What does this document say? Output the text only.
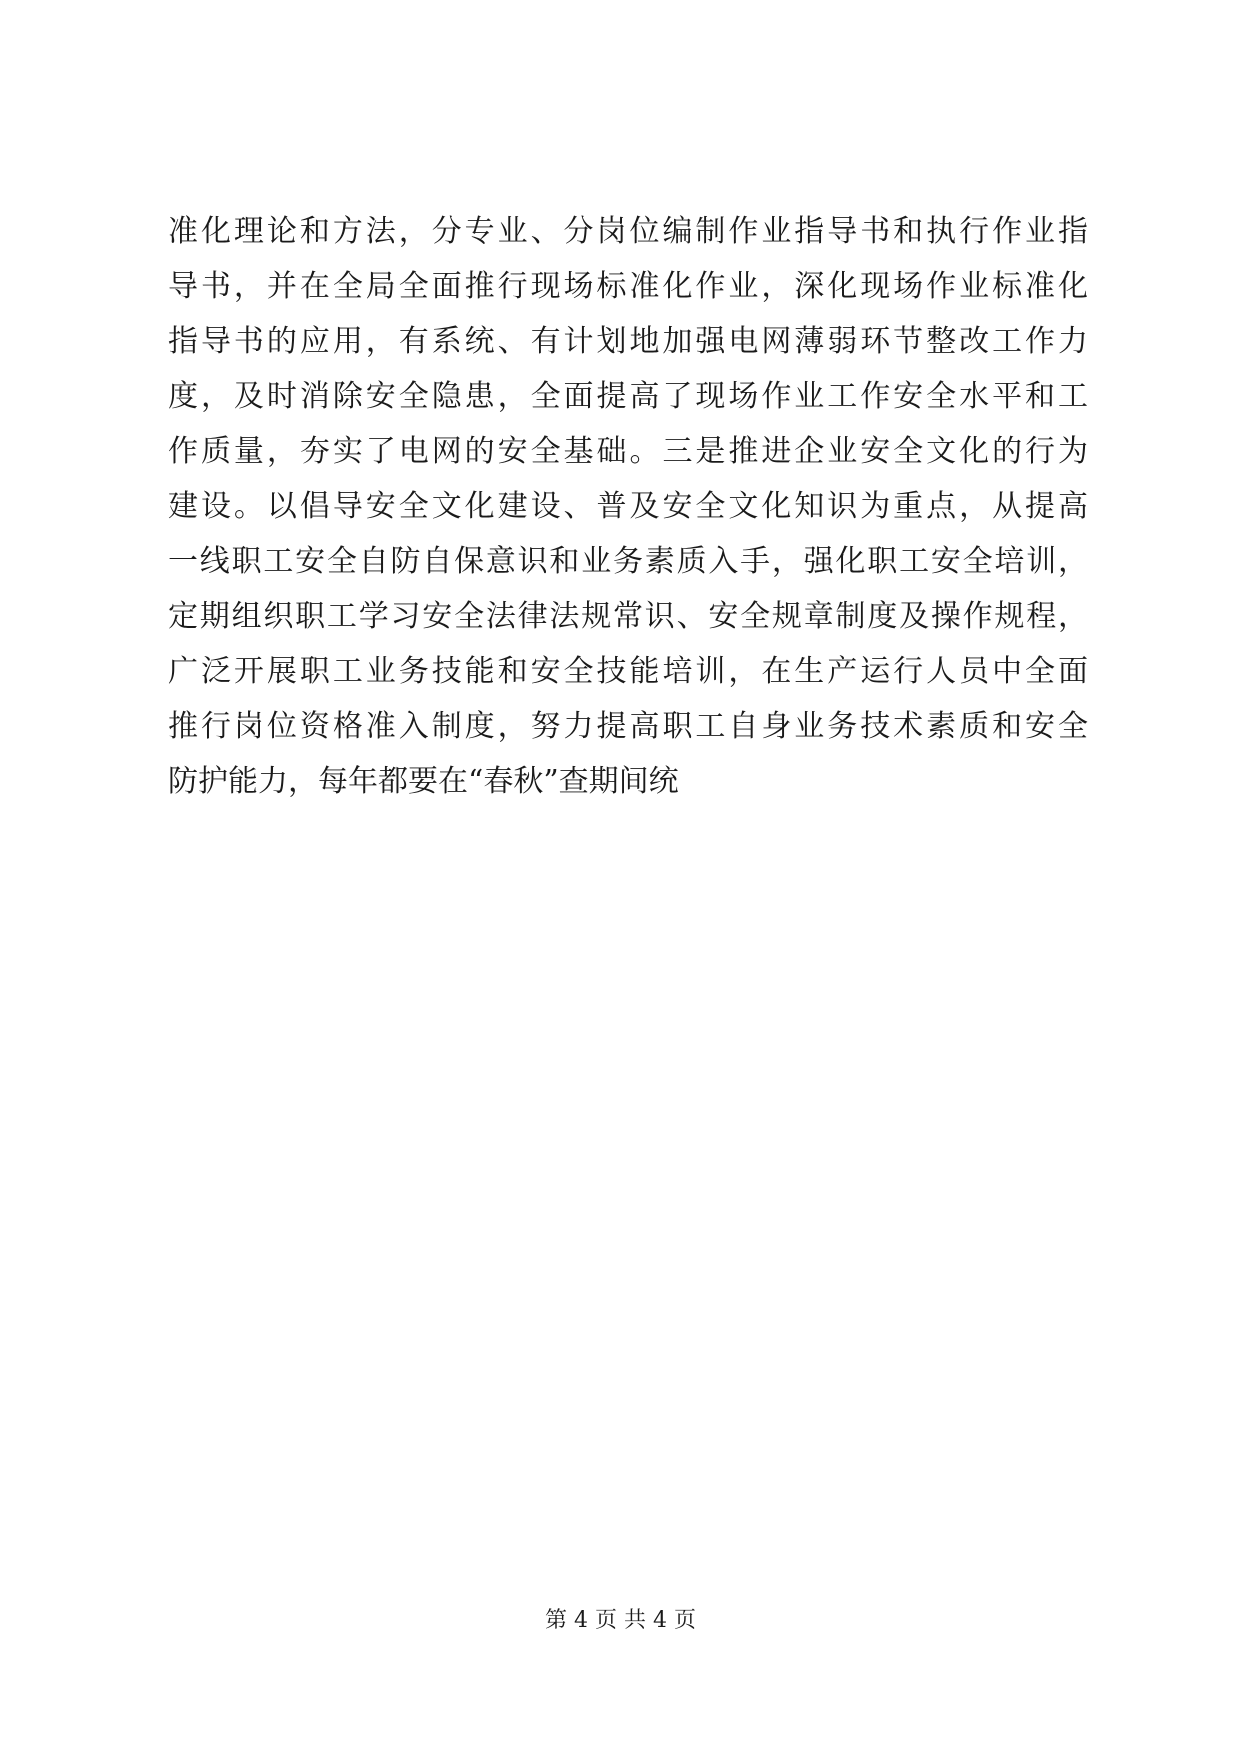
准化理论和方法，分专业、分岗位编制作业指导书和执行作业指
导书，并在全局全面推行现场标准化作业，深化现场作业标准化
指导书的应用，有系统、有计划地加强电网薄弱环节整改工作力
度，及时消除安全隐患，全面提高了现场作业工作安全水平和工
作质量，夯实了电网的安全基础。三是推进企业安全文化的行为
建设。以倡导安全文化建设、普及安全文化知识为重点，从提高
一线职工安全自防自保意识和业务素质入手，强化职工安全培训，
定期组织职工学习安全法律法规常识、安全规章制度及操作规程，
广泛开展职工业务技能和安全技能培训，在生产运行人员中全面
推行岗位资格准入制度，努力提高职工自身业务技术素质和安全
防护能力，每年都要在“春秋”查期间统
第 4 页 共 4 页
